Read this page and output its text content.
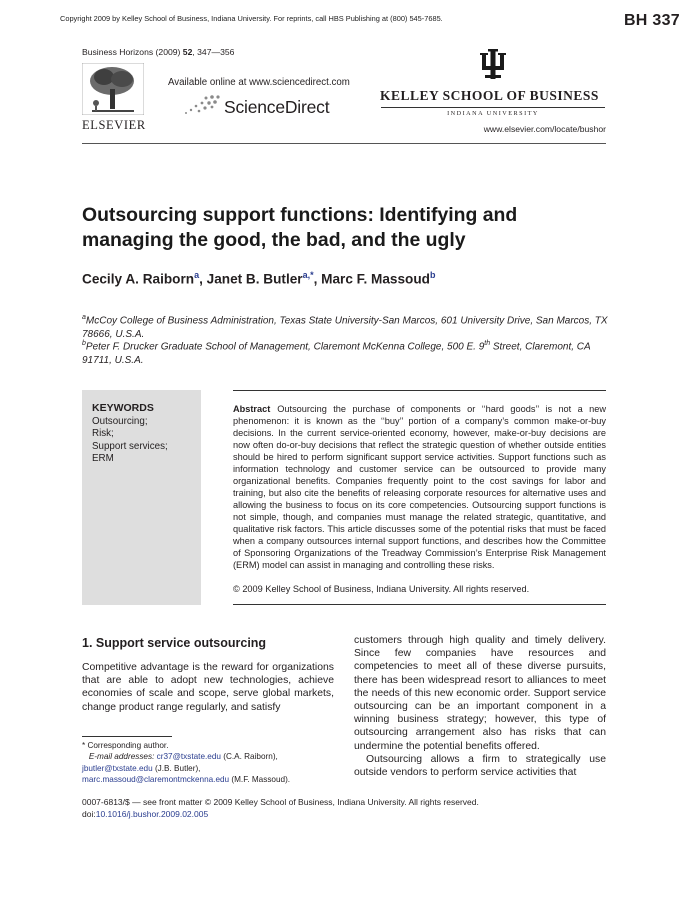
Copyright 2009 by Kelley School of Business, Indiana University. For reprints, call HBS Publishing at (800) 545-7685.	BH 337
Business Horizons (2009) 52, 347—356
ELSEVIER
Available online at www.sciencedirect.com
ScienceDirect
KELLEY SCHOOL OF BUSINESS
INDIANA UNIVERSITY
www.elsevier.com/locate/bushor
Outsourcing support functions: Identifying and managing the good, the bad, and the ugly
Cecily A. Raiborn$^a$, Janet B. Butler$^{a,*}$, Marc F. Massoud$^b$
$^a$McCoy College of Business Administration, Texas State University-San Marcos, 601 University Drive, San Marcos, TX 78666, U.S.A.
$^b$Peter F. Drucker Graduate School of Management, Claremont McKenna College, 500 E. 9th Street, Claremont, CA 91711, U.S.A.
KEYWORDS
Outsourcing;
Risk;
Support services;
ERM
Abstract Outsourcing the purchase of components or ‘‘hard goods’’ is not a new phenomenon: it is known as the ‘‘buy’’ portion of a company’s common make-or-buy decisions. In the current service-oriented economy, however, make-or-buy decisions are now often do-or-buy decisions that reflect the strategic question of whether outside entities should be hired to perform significant support service activities. Support functions such as information technology and customer service can be outsourced to provide many organizational benefits. Companies frequently point to the cost savings for labor and training, but also cite the benefits of releasing corporate resources for alternative uses and allowing the business to focus on its core competencies. Outsourcing support functions is not simple, though, and companies must manage the related strategic, quantitative, and qualitative risk factors. This article discusses some of the potential risks that must be faced when a company outsources internal support functions, and describes how the Committee of Sponsoring Organizations of the Treadway Commission’s Enterprise Risk Management (ERM) model can assist in managing and controlling these risks.
© 2009 Kelley School of Business, Indiana University. All rights reserved.
1. Support service outsourcing
Competitive advantage is the reward for organizations that are able to adopt new technologies, achieve economies of scale and scope, serve global markets, change product range regularly, and satisfy
customers through high quality and timely delivery. Since few companies have resources and competencies to meet all of these diverse pursuits, there has been widespread resort to alliances to meet the needs of this new economic order. Support service outsourcing can be an important component in a winning business strategy; however, this type of outsourcing arrangement also has risks that can undermine the potential benefits offered.
Outsourcing allows a firm to strategically use outside vendors to perform service activities that
* Corresponding author.
E-mail addresses: cr37@txstate.edu (C.A. Raiborn),
jbutler@txstate.edu (J.B. Butler),
marc.massoud@claremontmckenna.edu (M.F. Massoud).
0007-6813/$ — see front matter © 2009 Kelley School of Business, Indiana University. All rights reserved.
doi:10.1016/j.bushor.2009.02.005
